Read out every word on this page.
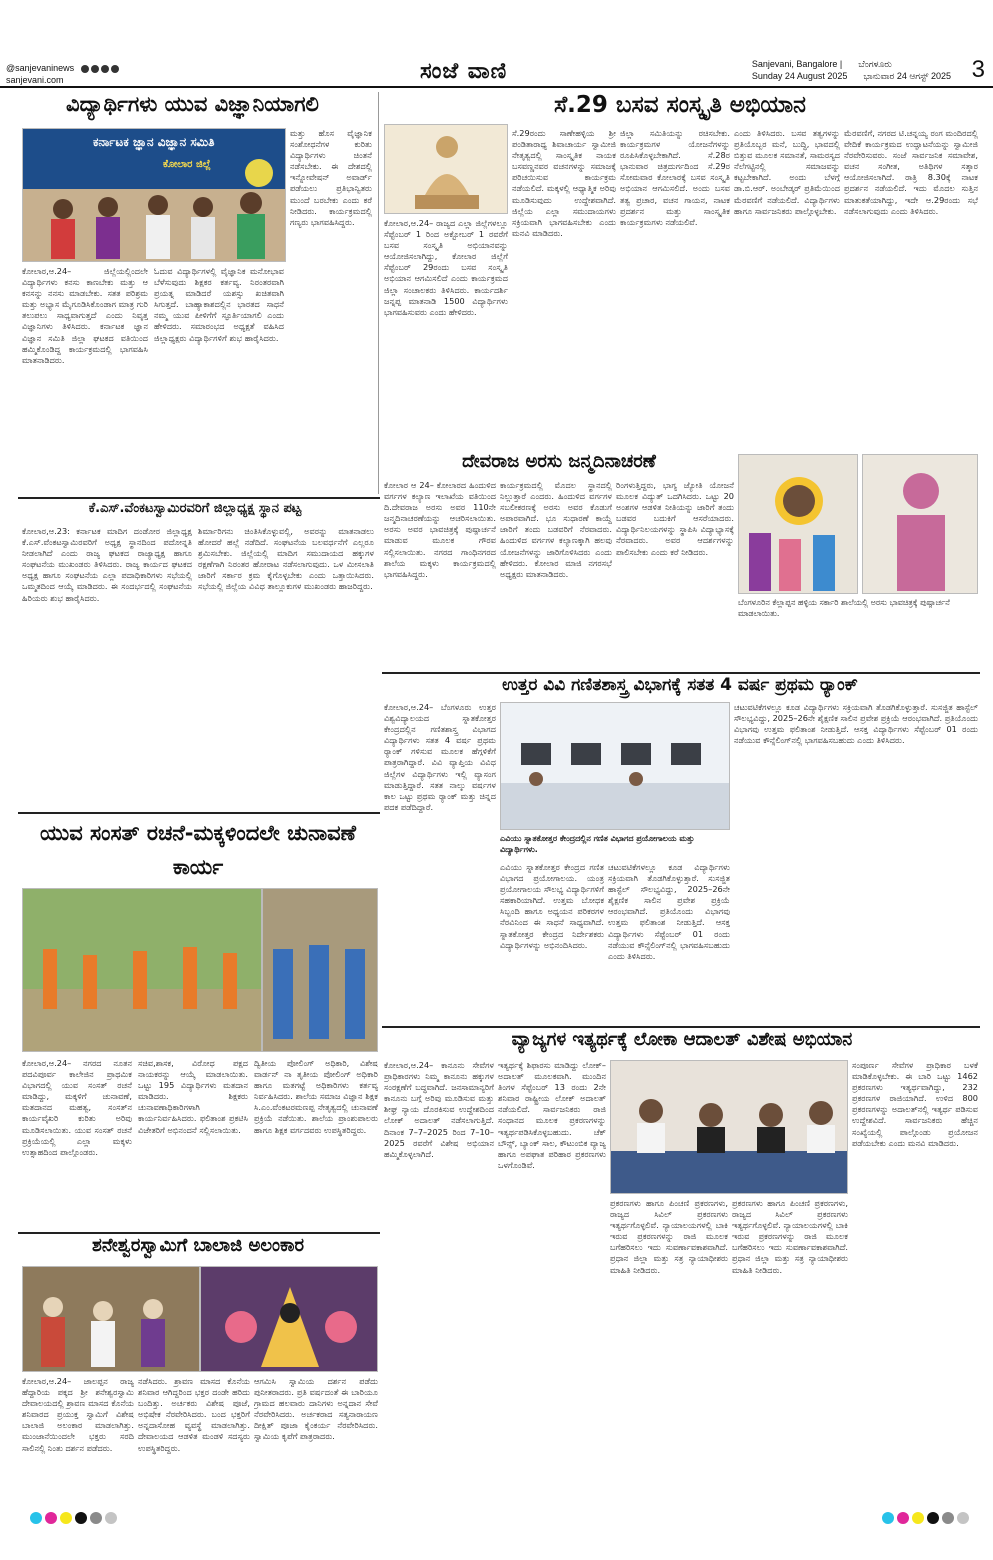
@sanjevaninews
sanjevani.com	ಸಂಜೆ ವಾಣಿ	Sanjevani, Bangalore | ಬೆಂಗಳೂರು
Sunday 24 August 2025 ಭಾನುವಾರ 24 ಆಗಸ್ಟ್ 2025 3
ವಿದ್ಯಾರ್ಥಿಗಳು ಯುವ ವಿಜ್ಞಾನಿಯಾಗಲಿ
ಕರ್ನಾಟಕ ಜ್ಞಾನ ವಿಜ್ಞಾನ ಸಮಿತಿ
ಕೋಲಾರ ಜಿಲ್ಲೆ
ಕೋಲಾರ,ಆ.24– ಜಿಲ್ಲೆಯಲ್ಲಿಂದಲೇ ವಿದ್ಯಾರ್ಥಿಗಳು ಕನಸು ಕಾಣಬೇಕು ಮತ್ತು ಆ ಕನಸನ್ನು ನನಸು ಮಾಡಬೇಕು. ಸತತ ಪರಿಶ್ರಮ ಮತ್ತು ಅಭ್ಯಾಸ ಮೈಗೂಡಿಸಿಕೊಂಡಾಗ ಮಾತ್ರ ಗುರಿ ತಲುಪಲು ಸಾಧ್ಯವಾಗುತ್ತದೆ ಎಂದು ನಿವೃತ್ತ ವಿಜ್ಞಾನಿಗಳು ತಿಳಿಸಿದರು. ಕರ್ನಾಟಕ ಜ್ಞಾನ ವಿಜ್ಞಾನ ಸಮಿತಿ ಜಿಲ್ಲಾ ಘಟಕದ ವತಿಯಿಂದ ಹಮ್ಮಿಕೊಂಡಿದ್ದ ಕಾರ್ಯಕ್ರಮದಲ್ಲಿ ಭಾಗವಹಿಸಿ ಮಾತನಾಡಿದರು.
ಓದುವ ವಿದ್ಯಾರ್ಥಿಗಳಲ್ಲಿ ವೈಜ್ಞಾನಿಕ ಮನೋಭಾವ ಬೆಳೆಸುವುದು ಶಿಕ್ಷಕರ ಕರ್ತವ್ಯ. ನಿರಂತರವಾಗಿ ಪ್ರಯತ್ನ ಮಾಡಿದರೆ ಯಶಸ್ಸು ಖಚಿತವಾಗಿ ಸಿಗುತ್ತದೆ. ಬಾಹ್ಯಾಕಾಶದಲ್ಲಿನ ಭಾರತದ ಸಾಧನೆ ನಮ್ಮ ಯುವ ಪೀಳಿಗೆಗೆ ಸ್ಫೂರ್ತಿಯಾಗಲಿ ಎಂದು ಹೇಳಿದರು. ಸಮಾರಂಭದ ಅಧ್ಯಕ್ಷತೆ ವಹಿಸಿದ ಜಿಲ್ಲಾಧ್ಯಕ್ಷರು ವಿದ್ಯಾರ್ಥಿಗಳಿಗೆ ಶುಭ ಹಾರೈಸಿದರು.
ಮತ್ತು ಹೊಸ ವೈಜ್ಞಾನಿಕ ಸಂಶೋಧನೆಗಳ ಕುರಿತು ವಿದ್ಯಾರ್ಥಿಗಳು ಚಿಂತನೆ ನಡೆಸಬೇಕು. ಈ ದೇಶದಲ್ಲಿ ಇನ್ನೋವೇಷನ್ ಅವಾರ್ಡ್ ಪಡೆಯಲು ಪ್ರತಿಭಾನ್ವಿತರು ಮುಂದೆ ಬರಬೇಕು ಎಂದು ಕರೆ ನೀಡಿದರು. ಕಾರ್ಯಕ್ರಮದಲ್ಲಿ ಗಣ್ಯರು ಭಾಗವಹಿಸಿದ್ದರು.
ಸೆ.29 ಬಸವ ಸಂಸ್ಕೃತಿ ಅಭಿಯಾನ
ಕೋಲಾರ,ಆ.24– ರಾಜ್ಯದ ಎಲ್ಲಾ ಜಿಲ್ಲೆಗಳಲ್ಲೂ ಸೆಪ್ಟೆಂಬರ್ 1 ರಿಂದ ಅಕ್ಟೋಬರ್ 1 ರವರೆಗೆ ಬಸವ ಸಂಸ್ಕೃತಿ ಅಭಿಯಾನವನ್ನು ಆಯೋಜಿಸಲಾಗಿದ್ದು, ಕೋಲಾರ ಜಿಲ್ಲೆಗೆ ಸೆಪ್ಟೆಂಬರ್ 29ರಂದು ಬಸವ ಸಂಸ್ಕೃತಿ ಅಭಿಯಾನ ಆಗಮಿಸಲಿದೆ ಎಂದು ಕಾರ್ಯಕ್ರಮದ ಜಿಲ್ಲಾ ಸಂಚಾಲಕರು ತಿಳಿಸಿದರು. ಕಾರ್ಯದರ್ಶಿ ಜನ್ನಪ್ಪ ಮಾತನಾಡಿ 1500 ವಿದ್ಯಾರ್ಥಿಗಳು ಭಾಗವಹಿಸುವರು ಎಂದು ಹೇಳಿದರು.
ಸೆ.29ರಂದು ಸಾಣೇಹಳ್ಳಿಯ ಶ್ರೀ ಪಂಡಿತಾರಾಧ್ಯ ಶಿವಾಚಾರ್ಯ ಸ್ವಾಮೀಜಿ ನೇತೃತ್ವದಲ್ಲಿ ಸಾಂಸ್ಕೃತಿಕ ನಾಯಕ ಬಸವಣ್ಣನವರ ವಚನಗಳನ್ನು ಸಮಾಜಕ್ಕೆ ಪರಿಚಯಿಸುವ ಕಾರ್ಯಕ್ರಮ ನಡೆಯಲಿದೆ. ಮಕ್ಕಳಲ್ಲಿ ಆಧ್ಯಾತ್ಮಿಕ ಅರಿವು ಮೂಡಿಸುವುದು ಉದ್ದೇಶವಾಗಿದೆ. ಜಿಲ್ಲೆಯ ಎಲ್ಲಾ ಸಮುದಾಯಗಳು ಸಕ್ರಿಯವಾಗಿ ಭಾಗವಹಿಸಬೇಕು ಎಂದು ಮನವಿ ಮಾಡಿದರು.
ಜಿಲ್ಲಾ ಸಮಿತಿಯನ್ನು ರಚಿಸಬೇಕು. ಕಾರ್ಯಕ್ರಮಗಳ ಯೋಜನೆಗಳನ್ನು ರೂಪಿಸಿಕೊಳ್ಳಬೇಕಾಗಿದೆ. ಸೆ.28ರ ಭಾನುವಾರ ಚಿತ್ರದುರ್ಗದಿಂದ ಸೆ.29ರ ಸೋಮವಾರ ಕೋಲಾರಕ್ಕೆ ಬಸವ ಸಂಸ್ಕೃತಿ ಅಭಿಯಾನ ಆಗಮಿಸಲಿದೆ. ಅಂದು ಬಸವ ತತ್ವ ಪ್ರಚಾರ, ವಚನ ಗಾಯನ, ನಾಟಕ ಪ್ರದರ್ಶನ ಮತ್ತು ಸಾಂಸ್ಕೃತಿಕ ಕಾರ್ಯಕ್ರಮಗಳು ನಡೆಯಲಿವೆ.
ಎಂದು ತಿಳಿಸಿದರು. ಬಸವ ತತ್ವಗಳನ್ನು ಪ್ರತಿಯೊಬ್ಬರ ಮನೆ, ಬುದ್ಧಿ, ಭಾವದಲ್ಲಿ ಬಿತ್ತುವ ಮೂಲಕ ಸಮಾನತೆ, ಸಾಮರಸ್ಯದ ನೆಲೆಗಟ್ಟಿನಲ್ಲಿ ಸಮಾಜವನ್ನು ಕಟ್ಟಬೇಕಾಗಿದೆ. ಅಂದು ಬೆಳಗ್ಗೆ ಡಾ.ಬಿ.ಆರ್. ಅಂಬೇಡ್ಕರ್ ಪ್ರತಿಮೆಯಿಂದ ಮೆರವಣಿಗೆ ನಡೆಯಲಿದೆ. ವಿದ್ಯಾರ್ಥಿಗಳು ಹಾಗೂ ಸಾರ್ವಜನಿಕರು ಪಾಲ್ಗೊಳ್ಳಬೇಕು.
ಮೆರವಣಿಗೆ, ನಗರದ ಟಿ.ಚನ್ನಯ್ಯ ರಂಗ ಮಂದಿರದಲ್ಲಿ ವೇದಿಕೆ ಕಾರ್ಯಕ್ರಮದ ಉದ್ಘಾಟನೆಯನ್ನು ಸ್ವಾಮೀಜಿ ನೆರವೇರಿಸುವರು. ಸಂಜೆ ಸಾರ್ವಜನಿಕ ಸಮಾವೇಶ, ವಚನ ಸಂಗೀತ, ಅತಿಥಿಗಳ ಸತ್ಕಾರ ಆಯೋಜಿಸಲಾಗಿದೆ. ರಾತ್ರಿ 8.30ಕ್ಕೆ ನಾಟಕ ಪ್ರದರ್ಶನ ನಡೆಯಲಿದೆ. ಇದು ಮೊದಲ ಸುತ್ತಿನ ಮಾತುಕತೆಯಾಗಿದ್ದು, ಇದೇ ಆ.29ರಂದು ಸಭೆ ನಡೆಸಲಾಗುವುದು ಎಂದು ತಿಳಿಸಿದರು.
ಕೆ.ಎಸ್.ವೆಂಕಟಸ್ವಾಮಿರವರಿಗೆ ಜಿಲ್ಲಾಧ್ಯಕ್ಷ ಸ್ಥಾನ ಪಟ್ಟ
ಕೋಲಾರ,ಆ.23: ಕರ್ನಾಟಕ ಮಾದಿಗ ದಂಡೋರ ಜಿಲ್ಲಾಧ್ಯಕ್ಷ ಕೆ.ಎಸ್.ವೆಂಕಟಸ್ವಾಮಿರವರಿಗೆ ಅಧ್ಯಕ್ಷ ಸ್ಥಾನದಿಂದ ಪದೋನ್ನತಿ ನೀಡಲಾಗಿದೆ ಎಂದು ರಾಜ್ಯ ಘಟಕದ ರಾಜ್ಯಾಧ್ಯಕ್ಷ ಹಾಗೂ ಸಂಘಟನೆಯ ಮುಖಂಡರು ತಿಳಿಸಿದರು. ರಾಜ್ಯ ಕಾರ್ಯದ ಘಟಕದ ಅಧ್ಯಕ್ಷ ಹಾಗೂ ಸಂಘಟನೆಯ ಎಲ್ಲಾ ಪದಾಧಿಕಾರಿಗಳು ಸಭೆಯಲ್ಲಿ ಒಮ್ಮತದಿಂದ ಆಯ್ಕೆ ಮಾಡಿದರು. ಈ ಸಂದರ್ಭದಲ್ಲಿ ಸಂಘಟನೆಯ ಹಿರಿಯರು ಶುಭ ಹಾರೈಸಿದರು.
ಶಿರ್ಮಾರಿಗನು ಚಿಂತಿಸಿಕೊಳ್ಳುವಲ್ಲಿ, ಅವರನ್ನು ಮಾತನಾಡಲು ಹೋದರೆ ಹಲ್ಲೆ ನಡೆದಿದೆ. ಸಂಘಟನೆಯ ಬಲವರ್ಧನೆಗೆ ಎಲ್ಲರೂ ಶ್ರಮಿಸಬೇಕು. ಜಿಲ್ಲೆಯಲ್ಲಿ ಮಾದಿಗ ಸಮುದಾಯದ ಹಕ್ಕುಗಳ ರಕ್ಷಣೆಗಾಗಿ ನಿರಂತರ ಹೋರಾಟ ನಡೆಸಲಾಗುವುದು. ಒಳ ಮೀಸಲಾತಿ ಜಾರಿಗೆ ಸರ್ಕಾರ ಕ್ರಮ ಕೈಗೊಳ್ಳಬೇಕು ಎಂದು ಒತ್ತಾಯಿಸಿದರು. ಸಭೆಯಲ್ಲಿ ಜಿಲ್ಲೆಯ ವಿವಿಧ ತಾಲ್ಲೂಕುಗಳ ಮುಖಂಡರು ಹಾಜರಿದ್ದರು.
ದೇವರಾಜ ಅರಸು ಜನ್ಮದಿನಾಚರಣೆ
ಕೋಲಾರ ಆ 24– ಕೋಲಾರದ ಹಿಂದುಳಿದ ವರ್ಗಗಳ ಕಲ್ಯಾಣ ಇಲಾಖೆಯ ವತಿಯಿಂದ ದಿ.ದೇವರಾಜ ಅರಸು ಅವರ 110ನೇ ಜನ್ಮದಿನಾಚರಣೆಯನ್ನು ಆಚರಿಸಲಾಯಿತು. ಅರಸು ಅವರ ಭಾವಚಿತ್ರಕ್ಕೆ ಪುಷ್ಪಾರ್ಚನೆ ಮಾಡುವ ಮೂಲಕ ಗೌರವ ಸಲ್ಲಿಸಲಾಯಿತು. ನಗರದ ಗಾಂಧಿನಗರದ ಶಾಲೆಯ ಮಕ್ಕಳು ಕಾರ್ಯಕ್ರಮದಲ್ಲಿ ಭಾಗವಹಿಸಿದ್ದರು.
ಕಾರ್ಯಕ್ರಮದಲ್ಲಿ ಮೊದಲ ಸ್ಥಾನದಲ್ಲಿ ನಿಲ್ಲುತ್ತಾರೆ ಎಂದರು. ಹಿಂದುಳಿದ ವರ್ಗಗಳ ಸಬಲೀಕರಣಕ್ಕೆ ಅರಸು ಅವರ ಕೊಡುಗೆ ಅಪಾರವಾಗಿದೆ. ಭೂ ಸುಧಾರಣೆ ಕಾಯ್ದೆ ಜಾರಿಗೆ ತಂದು ಬಡವರಿಗೆ ನೆರವಾದರು. ಹಿಂದುಳಿದ ವರ್ಗಗಳ ಕಲ್ಯಾಣಕ್ಕಾಗಿ ಹಲವು ಯೋಜನೆಗಳನ್ನು ಜಾರಿಗೊಳಿಸಿದರು ಎಂದು ಹೇಳಿದರು. ಕೋಲಾರ ಮಾಜಿ ನಗರಸಭೆ ಅಧ್ಯಕ್ಷರು ಮಾತನಾಡಿದರು.
ರಿಂಗಳುತ್ತಿದ್ದರು, ಭಾಗ್ಯ ಜ್ಯೋತಿ ಯೋಜನೆ ಮೂಲಕ ವಿದ್ಯುತ್ ಒದಗಿಸಿದರು. ಒಟ್ಟು 20 ಅಂಶಗಳ ಆಡಳಿತ ನೀತಿಯನ್ನು ಜಾರಿಗೆ ತಂದು ಬಡವರ ಬದುಕಿಗೆ ಆಸರೆಯಾದರು. ವಿದ್ಯಾರ್ಥಿನಿಲಯಗಳನ್ನು ಸ್ಥಾಪಿಸಿ ವಿದ್ಯಾಭ್ಯಾಸಕ್ಕೆ ನೆರವಾದರು. ಅವರ ಆದರ್ಶಗಳನ್ನು ಪಾಲಿಸಬೇಕು ಎಂದು ಕರೆ ನೀಡಿದರು.
ಬೆಂಗಳೂರಿನ ಕೆಲ್ಲಾಪ್ಪನ ಹಳ್ಳಿಯ ಸರ್ಕಾರಿ ಶಾಲೆಯಲ್ಲಿ ಅರಸು ಭಾವಚಿತ್ರಕ್ಕೆ ಪುಷ್ಪಾರ್ಚನೆ ಮಾಡಲಾಯಿತು.
ಉತ್ತರ ವಿವಿ ಗಣಿತಶಾಸ್ತ್ರ ವಿಭಾಗಕ್ಕೆ ಸತತ 4 ವರ್ಷ ಪ್ರಥಮ ರ್‍ಯಾಂಕ್
ಕೋಲಾರ,ಆ.24– ಬೆಂಗಳೂರು ಉತ್ತರ ವಿಶ್ವವಿದ್ಯಾಲಯದ ಸ್ನಾತಕೋತ್ತರ ಕೇಂದ್ರದಲ್ಲಿನ ಗಣಿತಶಾಸ್ತ್ರ ವಿಭಾಗದ ವಿದ್ಯಾರ್ಥಿಗಳು ಸತತ 4 ವರ್ಷ ಪ್ರಥಮ ರ್‍ಯಾಂಕ್ ಗಳಿಸುವ ಮೂಲಕ ಹೆಗ್ಗಳಿಕೆಗೆ ಪಾತ್ರರಾಗಿದ್ದಾರೆ. ವಿವಿ ವ್ಯಾಪ್ತಿಯ ವಿವಿಧ ಜಿಲ್ಲೆಗಳ ವಿದ್ಯಾರ್ಥಿಗಳು ಇಲ್ಲಿ ವ್ಯಾಸಂಗ ಮಾಡುತ್ತಿದ್ದಾರೆ. ಸತತ ನಾಲ್ಕು ವರ್ಷಗಳ ಕಾಲ ಒಟ್ಟು ಪ್ರಥಮ ರ್‍ಯಾಂಕ್ ಮತ್ತು ಚಿನ್ನದ ಪದಕ ಪಡೆದಿದ್ದಾರೆ.
ಎವಿಯು ಸ್ನಾತಕೋತ್ತರ ಕೇಂದ್ರದಲ್ಲಿನ ಗಣಿತ ವಿಭಾಗದ ಪ್ರಯೋಗಾಲಯ ಮತ್ತು ವಿದ್ಯಾರ್ಥಿಗಳು.
ಎವಿಯು ಸ್ನಾತಕೋತ್ತರ ಕೇಂದ್ರದ ಗಣಿತ ವಿಭಾಗದ ಪ್ರಯೋಗಾಲಯ. ಯಂತ್ರ ಪ್ರಯೋಗಾಲಯ ಸೌಲಭ್ಯ ವಿದ್ಯಾರ್ಥಿಗಳಿಗೆ ಸಹಕಾರಿಯಾಗಿದೆ. ಉತ್ತಮ ಬೋಧಕ ಸಿಬ್ಬಂದಿ ಹಾಗೂ ಅಧ್ಯಯನ ಪರಿಕರಗಳ ನೆರವಿನಿಂದ ಈ ಸಾಧನೆ ಸಾಧ್ಯವಾಗಿದೆ. ಸ್ನಾತಕೋತ್ತರ ಕೇಂದ್ರದ ನಿರ್ದೇಶಕರು ವಿದ್ಯಾರ್ಥಿಗಳನ್ನು ಅಭಿನಂದಿಸಿದರು.
ಚಟುವಟಿಕೆಗಳಲ್ಲೂ ಕೂಡ ವಿದ್ಯಾರ್ಥಿಗಳು ಸಕ್ರಿಯವಾಗಿ ತೊಡಗಿಕೊಳ್ಳುತ್ತಾರೆ. ಸುಸಜ್ಜಿತ ಹಾಸ್ಟೆಲ್ ಸೌಲಭ್ಯವಿದ್ದು, 2025–26ನೇ ಶೈಕ್ಷಣಿಕ ಸಾಲಿನ ಪ್ರವೇಶ ಪ್ರಕ್ರಿಯೆ ಆರಂಭವಾಗಿದೆ. ಪ್ರತಿಯೊಂದು ವಿಭಾಗವು ಉತ್ತಮ ಫಲಿತಾಂಶ ನೀಡುತ್ತಿದೆ. ಆಸಕ್ತ ವಿದ್ಯಾರ್ಥಿಗಳು ಸೆಪ್ಟೆಂಬರ್ 01 ರಂದು ನಡೆಯುವ ಕೌನ್ಸೆಲಿಂಗ್‌ನಲ್ಲಿ ಭಾಗವಹಿಸಬಹುದು ಎಂದು ತಿಳಿಸಿದರು.
ಚಟುವಟಿಕೆಗಳಲ್ಲೂ ಕೂಡ ವಿದ್ಯಾರ್ಥಿಗಳು ಸಕ್ರಿಯವಾಗಿ ತೊಡಗಿಕೊಳ್ಳುತ್ತಾರೆ. ಸುಸಜ್ಜಿತ ಹಾಸ್ಟೆಲ್ ಸೌಲಭ್ಯವಿದ್ದು, 2025–26ನೇ ಶೈಕ್ಷಣಿಕ ಸಾಲಿನ ಪ್ರವೇಶ ಪ್ರಕ್ರಿಯೆ ಆರಂಭವಾಗಿದೆ. ಪ್ರತಿಯೊಂದು ವಿಭಾಗವು ಉತ್ತಮ ಫಲಿತಾಂಶ ನೀಡುತ್ತಿದೆ. ಆಸಕ್ತ ವಿದ್ಯಾರ್ಥಿಗಳು ಸೆಪ್ಟೆಂಬರ್ 01 ರಂದು ನಡೆಯುವ ಕೌನ್ಸೆಲಿಂಗ್‌ನಲ್ಲಿ ಭಾಗವಹಿಸಬಹುದು ಎಂದು ತಿಳಿಸಿದರು.
ಯುವ ಸಂಸತ್ ರಚನೆ-ಮಕ್ಕಳಿಂದಲೇ ಚುನಾವಣೆ ಕಾರ್ಯ
ಕೋಲಾರ,ಆ.24– ನಗರದ ನೂತನ ಪದವಿಪೂರ್ವ ಕಾಲೇಜಿನ ಪ್ರಾಥಮಿಕ ವಿಭಾಗದಲ್ಲಿ ಯುವ ಸಂಸತ್ ರಚನೆ ಮಾಡಿದ್ದು, ಮಕ್ಕಳಿಗೆ ಚುನಾವಣೆ, ಮತದಾನದ ಮಹತ್ವ, ಸಂಸತ್‌ನ ಕಾರ್ಯವೈಖರಿ ಕುರಿತು ಅರಿವು ಮೂಡಿಸಲಾಯಿತು. ಯುವ ಸಂಸತ್ ರಚನೆ ಪ್ರಕ್ರಿಯೆಯಲ್ಲಿ ಎಲ್ಲಾ ಮಕ್ಕಳು ಉತ್ಸಾಹದಿಂದ ಪಾಲ್ಗೊಂಡರು.
ಸಚಿವ,ಶಾಸಕ, ವಿರೋಧ ಪಕ್ಷದ ನಾಯಕರನ್ನು ಆಯ್ಕೆ ಮಾಡಲಾಯಿತು. ಒಟ್ಟು 195 ವಿದ್ಯಾರ್ಥಿಗಳು ಮತದಾನ ಮಾಡಿದರು. ಶಿಕ್ಷಕರು ಚುನಾವಣಾಧಿಕಾರಿಗಳಾಗಿ ಕಾರ್ಯನಿರ್ವಹಿಸಿದರು. ಫಲಿತಾಂಶ ಪ್ರಕಟಿಸಿ ವಿಜೇತರಿಗೆ ಅಭಿನಂದನೆ ಸಲ್ಲಿಸಲಾಯಿತು.
ದ್ವಿತೀಯ ಪೋಲಿಂಗ್ ಅಧಿಕಾರಿ, ವಿಶೇಷ ವಾರ್ಡನ್ ನಾ ತೃತೀಯ ಪೋಲಿಂಗ್ ಅಧಿಕಾರಿ ಹಾಗೂ ಮತಗಟ್ಟೆ ಅಧಿಕಾರಿಗಳು ಕರ್ತವ್ಯ ನಿರ್ವಹಿಸಿದರು. ಶಾಲೆಯ ಸಮಾಜ ವಿಜ್ಞಾನ ಶಿಕ್ಷಕ ಸಿ.ಎಂ.ವೆಂಕಟರಮಣಪ್ಪ ನೇತೃತ್ವದಲ್ಲಿ ಚುನಾವಣೆ ಪ್ರಕ್ರಿಯೆ ನಡೆಯಿತು. ಶಾಲೆಯ ಪ್ರಾಂಶುಪಾಲರು ಹಾಗೂ ಶಿಕ್ಷಕ ವರ್ಗದವರು ಉಪಸ್ಥಿತರಿದ್ದರು.
ವ್ಯಾಜ್ಯಗಳ ಇತ್ಯರ್ಥಕ್ಕೆ ಲೋಕಾ ಆದಾಲತ್ ವಿಶೇಷ ಅಭಿಯಾನ
ಕೋಲಾರ,ಆ.24– ಕಾನೂನು ಸೇವೆಗಳ ಪ್ರಾಧಿಕಾರಗಳು ನಿಮ್ಮ ಕಾನೂನು ಹಕ್ಕುಗಳ ಸಂರಕ್ಷಣೆಗೆ ಬದ್ಧವಾಗಿದೆ. ಜನಸಾಮಾನ್ಯರಿಗೆ ಕಾನೂನು ಬಗ್ಗೆ ಅರಿವು ಮೂಡಿಸುವ ಮತ್ತು ಶೀಘ್ರ ನ್ಯಾಯ ದೊರಕಿಸುವ ಉದ್ದೇಶದಿಂದ ಲೋಕ್ ಅದಾಲತ್ ನಡೆಸಲಾಗುತ್ತಿದೆ. ದಿನಾಂಕ 7–7–2025 ರಿಂದ 7–10–2025 ರವರೆಗೆ ವಿಶೇಷ ಅಭಿಯಾನ ಹಮ್ಮಿಕೊಳ್ಳಲಾಗಿದೆ.
ಇತ್ಯರ್ಥಕ್ಕೆ ಶಿಫಾರಸು ಮಾಡಿದ್ದು ಲೋಕ್–ಅದಾಲತ್ ಮೂಲಕವಾಗಿ. ಮುಂದಿನ ತಿಂಗಳ ಸೆಪ್ಟೆಂಬರ್ 13 ರಂದು 2ನೇ ಶನಿವಾರ ರಾಷ್ಟ್ರೀಯ ಲೋಕ್ ಅದಾಲತ್ ನಡೆಯಲಿದೆ. ಸಾರ್ವಜನಿಕರು ರಾಜಿ ಸಂಧಾನದ ಮೂಲಕ ಪ್ರಕರಣಗಳನ್ನು ಇತ್ಯರ್ಥಪಡಿಸಿಕೊಳ್ಳಬಹುದು. ಚೆಕ್ ಬೌನ್ಸ್, ಬ್ಯಾಂಕ್ ಸಾಲ, ಕೌಟುಂಬಿಕ ವ್ಯಾಜ್ಯ ಹಾಗೂ ಅಪಘಾತ ಪರಿಹಾರ ಪ್ರಕರಣಗಳು ಒಳಗೊಂಡಿವೆ.
ಪ್ರಕರಣಗಳು ಹಾಗೂ ಪಿಂಚಣಿ ಪ್ರಕರಣಗಳು, ರಾಜ್ಯದ ಸಿವಿಲ್ ಪ್ರಕರಣಗಳು ಇತ್ಯರ್ಥಗೊಳ್ಳಲಿವೆ. ನ್ಯಾಯಾಲಯಗಳಲ್ಲಿ ಬಾಕಿ ಇರುವ ಪ್ರಕರಣಗಳನ್ನು ರಾಜಿ ಮೂಲಕ ಬಗೆಹರಿಸಲು ಇದು ಸುವರ್ಣಾವಕಾಶವಾಗಿದೆ. ಪ್ರಧಾನ ಜಿಲ್ಲಾ ಮತ್ತು ಸತ್ರ ನ್ಯಾಯಾಧೀಶರು ಮಾಹಿತಿ ನೀಡಿದರು.
ಪ್ರಕರಣಗಳು ಹಾಗೂ ಪಿಂಚಣಿ ಪ್ರಕರಣಗಳು, ರಾಜ್ಯದ ಸಿವಿಲ್ ಪ್ರಕರಣಗಳು ಇತ್ಯರ್ಥಗೊಳ್ಳಲಿವೆ. ನ್ಯಾಯಾಲಯಗಳಲ್ಲಿ ಬಾಕಿ ಇರುವ ಪ್ರಕರಣಗಳನ್ನು ರಾಜಿ ಮೂಲಕ ಬಗೆಹರಿಸಲು ಇದು ಸುವರ್ಣಾವಕಾಶವಾಗಿದೆ. ಪ್ರಧಾನ ಜಿಲ್ಲಾ ಮತ್ತು ಸತ್ರ ನ್ಯಾಯಾಧೀಶರು ಮಾಹಿತಿ ನೀಡಿದರು.
ಸಂಪೂರ್ಣ ಸೇವೆಗಳ ಪ್ರಾಧಿಕಾರ ಬಳಕೆ ಮಾಡಿಕೊಳ್ಳಬೇಕು. ಈ ಬಾರಿ ಒಟ್ಟು 1462 ಪ್ರಕರಣಗಳು ಇತ್ಯರ್ಥವಾಗಿದ್ದು, 232 ಪ್ರಕರಣಗಳ ರಾಜಿಯಾಗಿದೆ. ಉಳಿದ 800 ಪ್ರಕರಣಗಳನ್ನು ಅದಾಲತ್‌ನಲ್ಲಿ ಇತ್ಯರ್ಥ ಪಡಿಸುವ ಉದ್ದೇಶವಿದೆ. ಸಾರ್ವಜನಿಕರು ಹೆಚ್ಚಿನ ಸಂಖ್ಯೆಯಲ್ಲಿ ಪಾಲ್ಗೊಂಡು ಪ್ರಯೋಜನ ಪಡೆಯಬೇಕು ಎಂದು ಮನವಿ ಮಾಡಿದರು.
ಶನೇಶ್ವರಸ್ವಾಮಿಗೆ ಬಾಲಾಜಿ ಅಲಂಕಾರ
ಕೋಲಾರ,ಆ.24– ಜಾಲಪ್ಪನ ರಾಜ್ಯ ಹೆದ್ದಾರಿಯ ಪಕ್ಕದ ಶ್ರೀ ಶನೇಶ್ವರಸ್ವಾಮಿ ದೇವಾಲಯದಲ್ಲಿ ಶ್ರಾವಣ ಮಾಸದ ಕೊನೆಯ ಶನಿವಾರದ ಪ್ರಯುಕ್ತ ಸ್ವಾಮಿಗೆ ವಿಶೇಷ ಬಾಲಾಜಿ ಅಲಂಕಾರ ಮಾಡಲಾಗಿತ್ತು. ಮುಂಜಾನೆಯಿಂದಲೇ ಭಕ್ತರು ಸರದಿ ಸಾಲಿನಲ್ಲಿ ನಿಂತು ದರ್ಶನ ಪಡೆದರು.
ನಡೆಸಿದರು. ಶ್ರಾವಣ ಮಾಸದ ಕೊನೆಯ ಶನಿವಾರ ಆಗಿದ್ದರಿಂದ ಭಕ್ತರ ದಂಡೇ ಹರಿದು ಬಂದಿತ್ತು. ಅರ್ಚಕರು ವಿಶೇಷ ಪೂಜೆ, ಅಭಿಷೇಕ ನೆರವೇರಿಸಿದರು. ಬಂದ ಭಕ್ತರಿಗೆ ಅನ್ನದಾಸೋಹ ವ್ಯವಸ್ಥೆ ಮಾಡಲಾಗಿತ್ತು. ದೇವಾಲಯದ ಆಡಳಿತ ಮಂಡಳಿ ಸದಸ್ಯರು ಉಪಸ್ಥಿತರಿದ್ದರು.
ಆಗಮಿಸಿ ಸ್ವಾಮಿಯ ದರ್ಶನ ಪಡೆದು ಪುನೀತರಾದರು. ಪ್ರತಿ ವರ್ಷದಂತೆ ಈ ಬಾರಿಯೂ ಗ್ರಾಮದ ಹಲವಾರು ದಾನಿಗಳು ಅನ್ನದಾನ ಸೇವೆ ನೆರವೇರಿಸಿದರು. ಅರ್ಚಕರಾದ ಸತ್ಯನಾರಾಯಣ ದೀಕ್ಷಿತ್ ಪೂಜಾ ಕೈಂಕರ್ಯ ನೆರವೇರಿಸಿದರು. ಸ್ವಾಮಿಯ ಕೃಪೆಗೆ ಪಾತ್ರರಾದರು.
